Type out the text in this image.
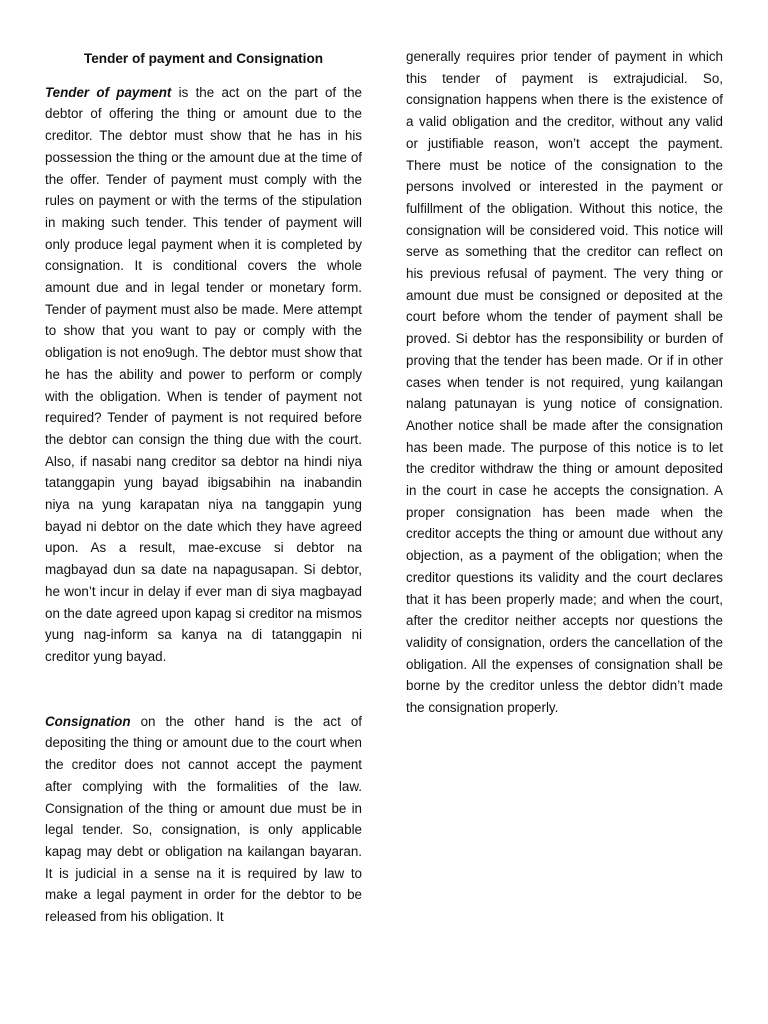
Tender of payment and Consignation

Tender of payment is the act on the part of the debtor of offering the thing or amount due to the creditor. The debtor must show that he has in his possession the thing or the amount due at the time of the offer. Tender of payment must comply with the rules on payment or with the terms of the stipulation in making such tender. This tender of payment will only produce legal payment when it is completed by consignation. It is conditional covers the whole amount due and in legal tender or monetary form. Tender of payment must also be made. Mere attempt to show that you want to pay or comply with the obligation is not eno9ugh. The debtor must show that he has the ability and power to perform or comply with the obligation. When is tender of payment not required? Tender of payment is not required before the debtor can consign the thing due with the court. Also, if nasabi nang creditor sa debtor na hindi niya tatanggapin yung bayad ibigsabihin na inabandin niya na yung karapatan niya na tanggapin yung bayad ni debtor on the date which they have agreed upon. As a result, mae-excuse si debtor na magbayad dun sa date na napagusapan. Si debtor, he won’t incur in delay if ever man di siya magbayad on the date agreed upon kapag si creditor na mismos yung nag-inform sa kanya na di tatanggapin ni creditor yung bayad.

Consignation on the other hand is the act of depositing the thing or amount due to the court when the creditor does not cannot accept the payment after complying with the formalities of the law. Consignation of the thing or amount due must be in legal tender. So, consignation, is only applicable kapag may debt or obligation na kailangan bayaran. It is judicial in a sense na it is required by law to make a legal payment in order for the debtor to be released from his obligation. It

generally requires prior tender of payment in which this tender of payment is extrajudicial. So, consignation happens when there is the existence of a valid obligation and the creditor, without any valid or justifiable reason, won’t accept the payment. There must be notice of the consignation to the persons involved or interested in the payment or fulfillment of the obligation. Without this notice, the consignation will be considered void. This notice will serve as something that the creditor can reflect on his previous refusal of payment. The very thing or amount due must be consigned or deposited at the court before whom the tender of payment shall be proved. Si debtor has the responsibility or burden of proving that the tender has been made. Or if in other cases when tender is not required, yung kailangan nalang patunayan is yung notice of consignation. Another notice shall be made after the consignation has been made. The purpose of this notice is to let the creditor withdraw the thing or amount deposited in the court in case he accepts the consignation. A proper consignation has been made when the creditor accepts the thing or amount due without any objection, as a payment of the obligation; when the creditor questions its validity and the court declares that it has been properly made; and when the court, after the creditor neither accepts nor questions the validity of consignation, orders the cancellation of the obligation. All the expenses of consignation shall be borne by the creditor unless the debtor didn’t made the consignation properly.
